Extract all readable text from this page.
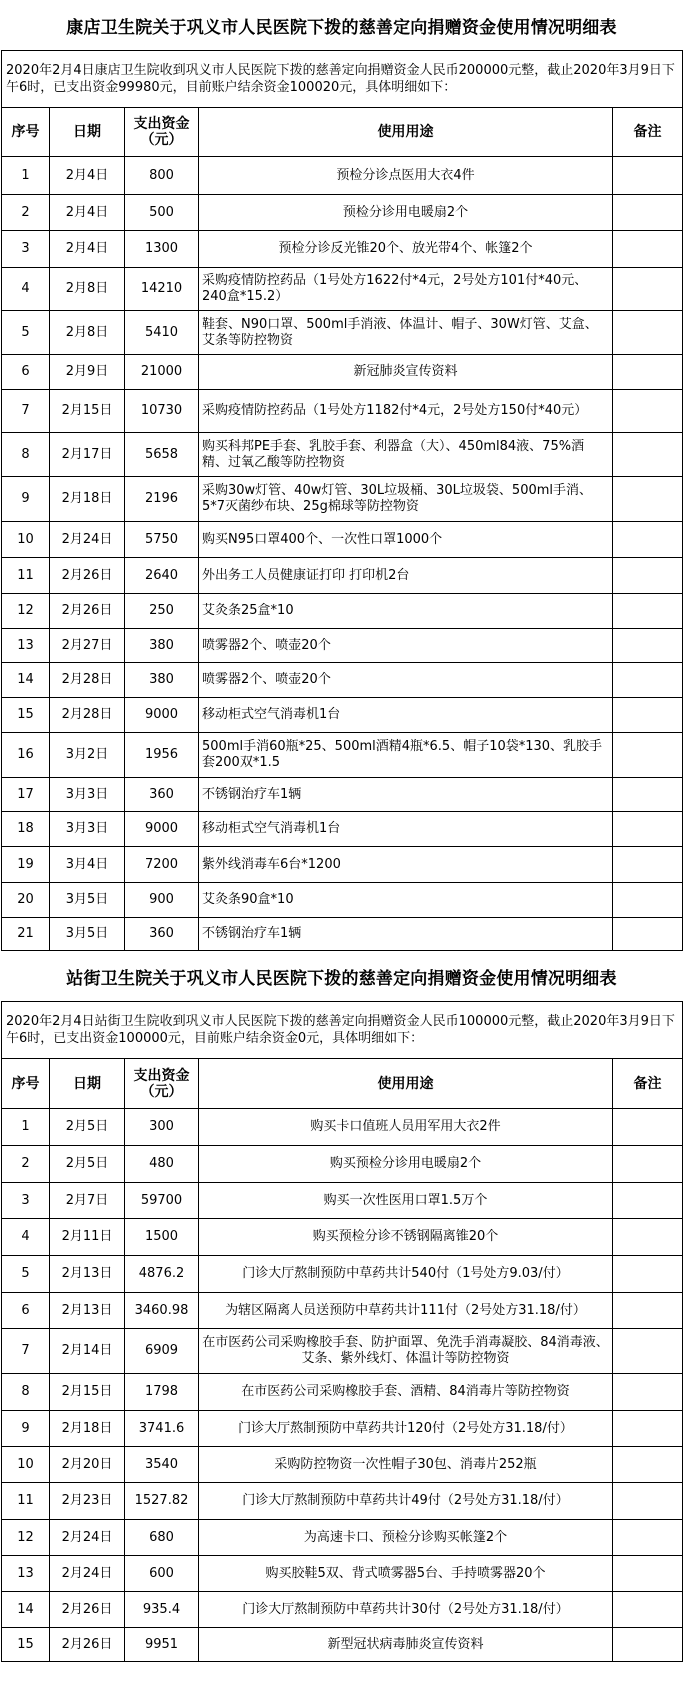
康店卫生院关于巩义市人民医院下拨的慈善定向捐赠资金使用情况明细表
2020年2月4日康店卫生院收到巩义市人民医院下拨的慈善定向捐赠资金人民币200000元整，截止2020年3月9日下午6时，已支出资金99980元，目前账户结余资金100020元，具体明细如下：				
序号	日期	支出资金（元）	使用用途	备注
1	2月4日	800	预检分诊点医用大衣4件	
2	2月4日	500	预检分诊用电暖扇2个	
3	2月4日	1300	预检分诊反光锥20个、放光带4个、帐篷2个	
4	2月8日	14210	采购疫情防控药品（1号处方1622付*4元，2号处方101付*40元、240盒*15.2）	
5	2月8日	5410	鞋套、N90口罩、500ml手消液、体温计、帽子、30W灯管、艾盒、艾条等防控物资	
6	2月9日	21000	新冠肺炎宣传资料	
7	2月15日	10730	采购疫情防控药品（1号处方1182付*4元，2号处方150付*40元）	
8	2月17日	5658	购买科邦PE手套、乳胶手套、利器盒（大）、450ml84液、75%酒精、过氧乙酸等防控物资	
9	2月18日	2196	采购30w灯管、40w灯管、30L垃圾桶、30L垃圾袋、500ml手消、5*7灭菌纱布块、25g棉球等防控物资	
10	2月24日	5750	购买N95口罩400个、一次性口罩1000个	
11	2月26日	2640	外出务工人员健康证打印 打印机2台	
12	2月26日	250	艾灸条25盒*10	
13	2月27日	380	喷雾器2个、喷壶20个	
14	2月28日	380	喷雾器2个、喷壶20个	
15	2月28日	9000	移动柜式空气消毒机1台	
16	3月2日	1956	500ml手消60瓶*25、500ml酒精4瓶*6.5、帽子10袋*130、乳胶手套200双*1.5	
17	3月3日	360	不锈钢治疗车1辆	
18	3月3日	9000	移动柜式空气消毒机1台	
19	3月4日	7200	紫外线消毒车6台*1200	
20	3月5日	900	艾灸条90盒*10	
21	3月5日	360	不锈钢治疗车1辆	
站街卫生院关于巩义市人民医院下拨的慈善定向捐赠资金使用情况明细表
2020年2月4日站街卫生院收到巩义市人民医院下拨的慈善定向捐赠资金人民币100000元整，截止2020年3月9日下午6时，已支出资金100000元，目前账户结余资金0元，具体明细如下：				
序号	日期	支出资金（元）	使用用途	备注
1	2月5日	300	购买卡口值班人员用军用大衣2件	
2	2月5日	480	购买预检分诊用电暖扇2个	
3	2月7日	59700	购买一次性医用口罩1.5万个	
4	2月11日	1500	购买预检分诊不锈钢隔离锥20个	
5	2月13日	4876.2	门诊大厅熬制预防中草药共计540付（1号处方9.03/付）	
6	2月13日	3460.98	为辖区隔离人员送预防中草药共计111付（2号处方31.18/付）	
7	2月14日	6909	在市医药公司采购橡胶手套、防护面罩、免洗手消毒凝胶、84消毒液、艾条、紫外线灯、体温计等防控物资	
8	2月15日	1798	在市医药公司采购橡胶手套、酒精、84消毒片等防控物资	
9	2月18日	3741.6	门诊大厅熬制预防中草药共计120付（2号处方31.18/付）	
10	2月20日	3540	采购防控物资一次性帽子30包、消毒片252瓶	
11	2月23日	1527.82	门诊大厅熬制预防中草药共计49付（2号处方31.18/付）	
12	2月24日	680	为高速卡口、预检分诊购买帐篷2个	
13	2月24日	600	购买胶鞋5双、背式喷雾器5台、手持喷雾器20个	
14	2月26日	935.4	门诊大厅熬制预防中草药共计30付（2号处方31.18/付）	
15	2月26日	9951	新型冠状病毒肺炎宣传资料	
